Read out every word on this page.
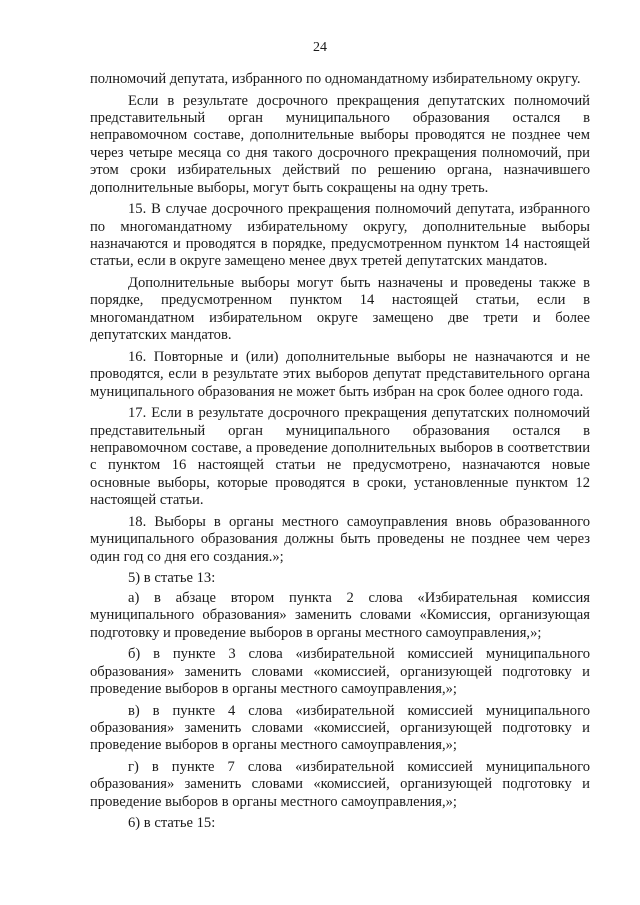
24

полномочий депутата, избранного по одномандатному избирательному округу.

Если в результате досрочного прекращения депутатских полномочий представительный орган муниципального образования остался в неправомочном составе, дополнительные выборы проводятся не позднее чем через четыре месяца со дня такого досрочного прекращения полномочий, при этом сроки избирательных действий по решению органа, назначившего дополнительные выборы, могут быть сокращены на одну треть.

15. В случае досрочного прекращения полномочий депутата, избранного по многомандатному избирательному округу, дополнительные выборы назначаются и проводятся в порядке, предусмотренном пунктом 14 настоящей статьи, если в округе замещено менее двух третей депутатских мандатов.

Дополнительные выборы могут быть назначены и проведены также в порядке, предусмотренном пунктом 14 настоящей статьи, если в многомандатном избирательном округе замещено две трети и более депутатских мандатов.

16. Повторные и (или) дополнительные выборы не назначаются и не проводятся, если в результате этих выборов депутат представительного органа муниципального образования не может быть избран на срок более одного года.

17. Если в результате досрочного прекращения депутатских полномочий представительный орган муниципального образования остался в неправомочном составе, а проведение дополнительных выборов в соответствии с пунктом 16 настоящей статьи не предусмотрено, назначаются новые основные выборы, которые проводятся в сроки, установленные пунктом 12 настоящей статьи.

18. Выборы в органы местного самоуправления вновь образованного муниципального образования должны быть проведены не позднее чем через один год со дня его создания.»;

5) в статье 13:

а) в абзаце втором пункта 2 слова «Избирательная комиссия муниципального образования» заменить словами «Комиссия, организующая подготовку и проведение выборов в органы местного самоуправления,»;

б) в пункте 3 слова «избирательной комиссией муниципального образования» заменить словами «комиссией, организующей подготовку и проведение выборов в органы местного самоуправления,»;

в) в пункте 4 слова «избирательной комиссией муниципального образования» заменить словами «комиссией, организующей подготовку и проведение выборов в органы местного самоуправления,»;

г) в пункте 7 слова «избирательной комиссией муниципального образования» заменить словами «комиссией, организующей подготовку и проведение выборов в органы местного самоуправления,»;

6) в статье 15:
